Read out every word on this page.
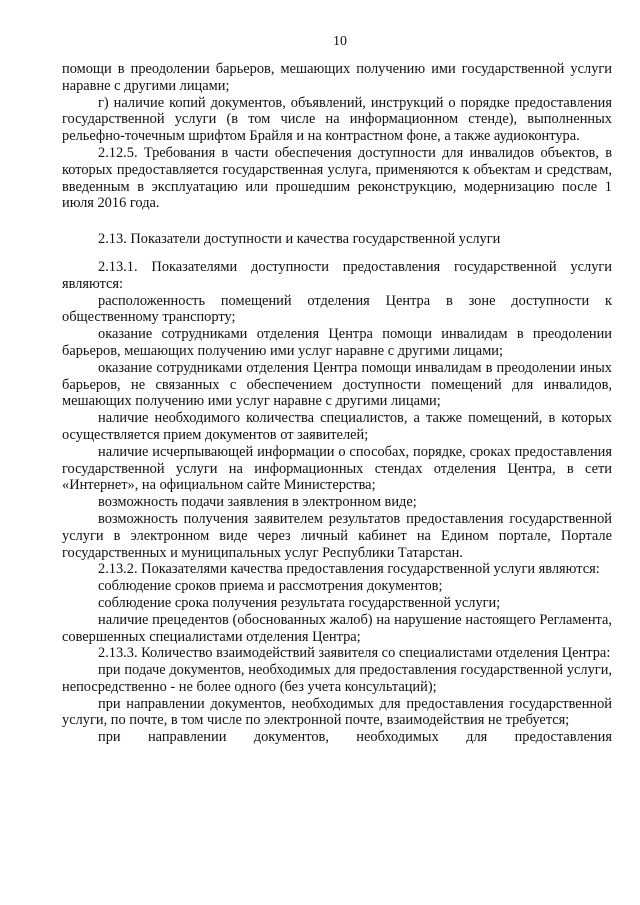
10

помощи в преодолении барьеров, мешающих получению ими государственной услуги наравне с другими лицами;

г) наличие копий документов, объявлений, инструкций о порядке предоставления государственной услуги (в том числе на информационном стенде), выполненных рельефно-точечным шрифтом Брайля и на контрастном фоне, а также аудиоконтура.

2.12.5. Требования в части обеспечения доступности для инвалидов объектов, в которых предоставляется государственная услуга, применяются к объектам и средствам, введенным в эксплуатацию или прошедшим реконструкцию, модернизацию после 1 июля 2016 года.

2.13. Показатели доступности и качества государственной услуги

2.13.1. Показателями доступности предоставления государственной услуги являются:

расположенность помещений отделения Центра в зоне доступности к общественному транспорту;

оказание сотрудниками отделения Центра помощи инвалидам в преодолении барьеров, мешающих получению ими услуг наравне с другими лицами;

оказание сотрудниками отделения Центра помощи инвалидам в преодолении иных барьеров, не связанных с обеспечением доступности помещений для инвалидов, мешающих получению ими услуг наравне с другими лицами;

наличие необходимого количества специалистов, а также помещений, в которых осуществляется прием документов от заявителей;

наличие исчерпывающей информации о способах, порядке, сроках предоставления государственной услуги на информационных стендах отделения Центра, в сети «Интернет», на официальном сайте Министерства;

возможность подачи заявления в электронном виде;

возможность получения заявителем результатов предоставления государственной услуги в электронном виде через личный кабинет на Едином портале, Портале государственных и муниципальных услуг Республики Татарстан.

2.13.2. Показателями качества предоставления государственной услуги являются:

соблюдение сроков приема и рассмотрения документов;

соблюдение срока получения результата государственной услуги;

наличие прецедентов (обоснованных жалоб) на нарушение настоящего Регламента, совершенных специалистами отделения Центра;

2.13.3. Количество взаимодействий заявителя со специалистами отделения Центра:

при подаче документов, необходимых для предоставления государственной услуги, непосредственно - не более одного (без учета консультаций);

при направлении документов, необходимых для предоставления государственной услуги, по почте, в том числе по электронной почте, взаимодействия не требуется;

при направлении документов, необходимых для предоставления
